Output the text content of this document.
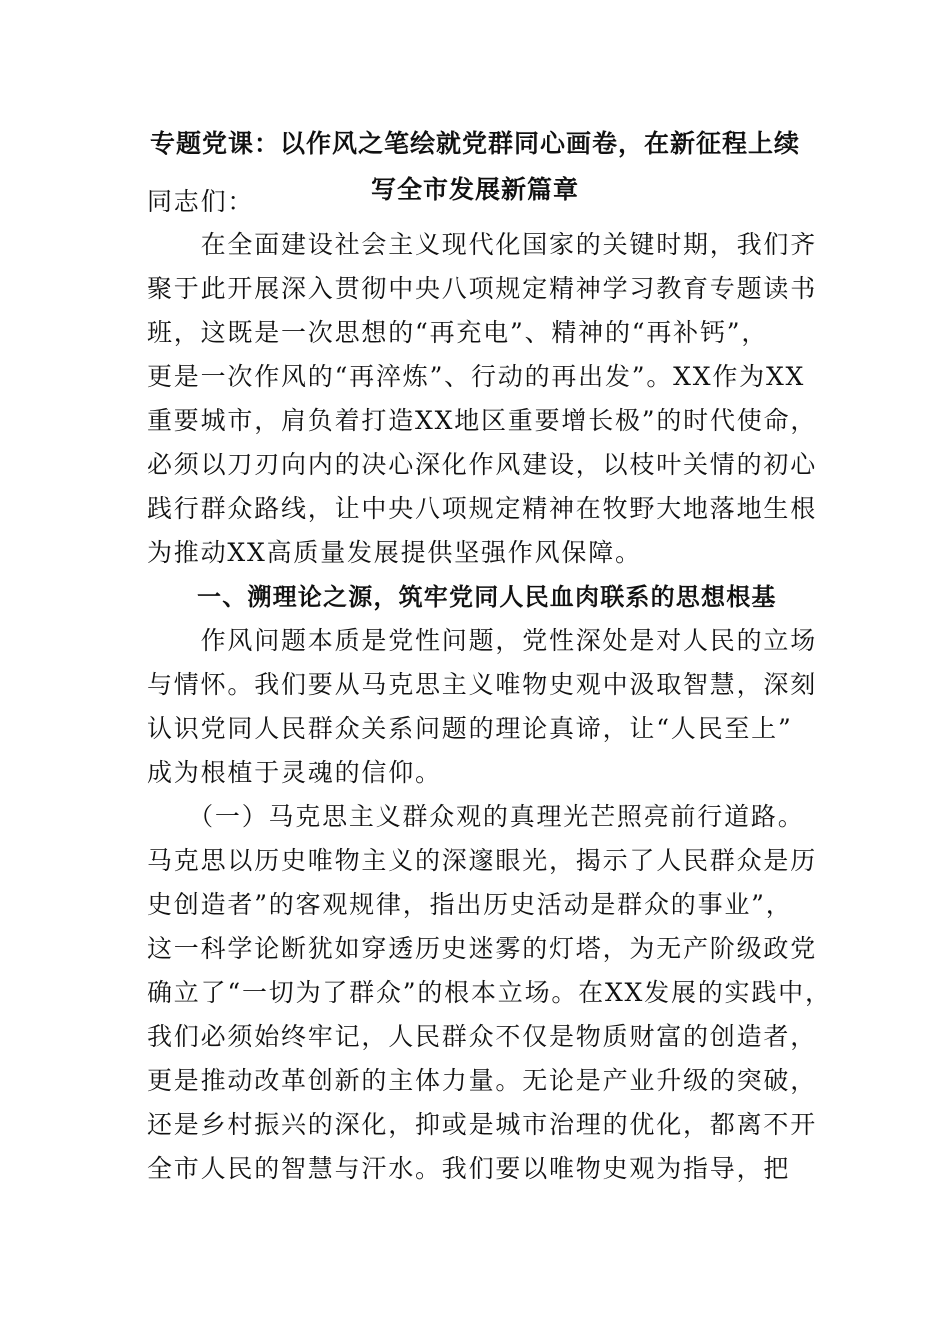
专题党课：以作风之笔绘就党群同心画卷，在新征程上续
写全市发展新篇章
同志们：
　　在全面建设社会主义现代化国家的关键时期，我们齐
聚于此开展深入贯彻中央八项规定精神学习教育专题读书
班，这既是一次思想的“再充电”、精神的“再补钙”，
更是一次作风的“再淬炼”、行动的再出发”。XX作为XX
重要城市，肩负着打造XX地区重要增长极”的时代使命，
必须以刀刃向内的决心深化作风建设，以枝叶关情的初心
践行群众路线，让中央八项规定精神在牧野大地落地生根
为推动XX高质量发展提供坚强作风保障。
一、溯理论之源，筑牢党同人民血肉联系的思想根基
　　作风问题本质是党性问题，党性深处是对人民的立场
与情怀。我们要从马克思主义唯物史观中汲取智慧，深刻
认识党同人民群众关系问题的理论真谛，让“人民至上”
成为根植于灵魂的信仰。
　　（一）马克思主义群众观的真理光芒照亮前行道路。
马克思以历史唯物主义的深邃眼光，揭示了人民群众是历
史创造者”的客观规律，指出历史活动是群众的事业”，
这一科学论断犹如穿透历史迷雾的灯塔，为无产阶级政党
确立了“一切为了群众”的根本立场。在XX发展的实践中，
我们必须始终牢记，人民群众不仅是物质财富的创造者，
更是推动改革创新的主体力量。无论是产业升级的突破，
还是乡村振兴的深化，抑或是城市治理的优化，都离不开
全市人民的智慧与汗水。我们要以唯物史观为指导，把
